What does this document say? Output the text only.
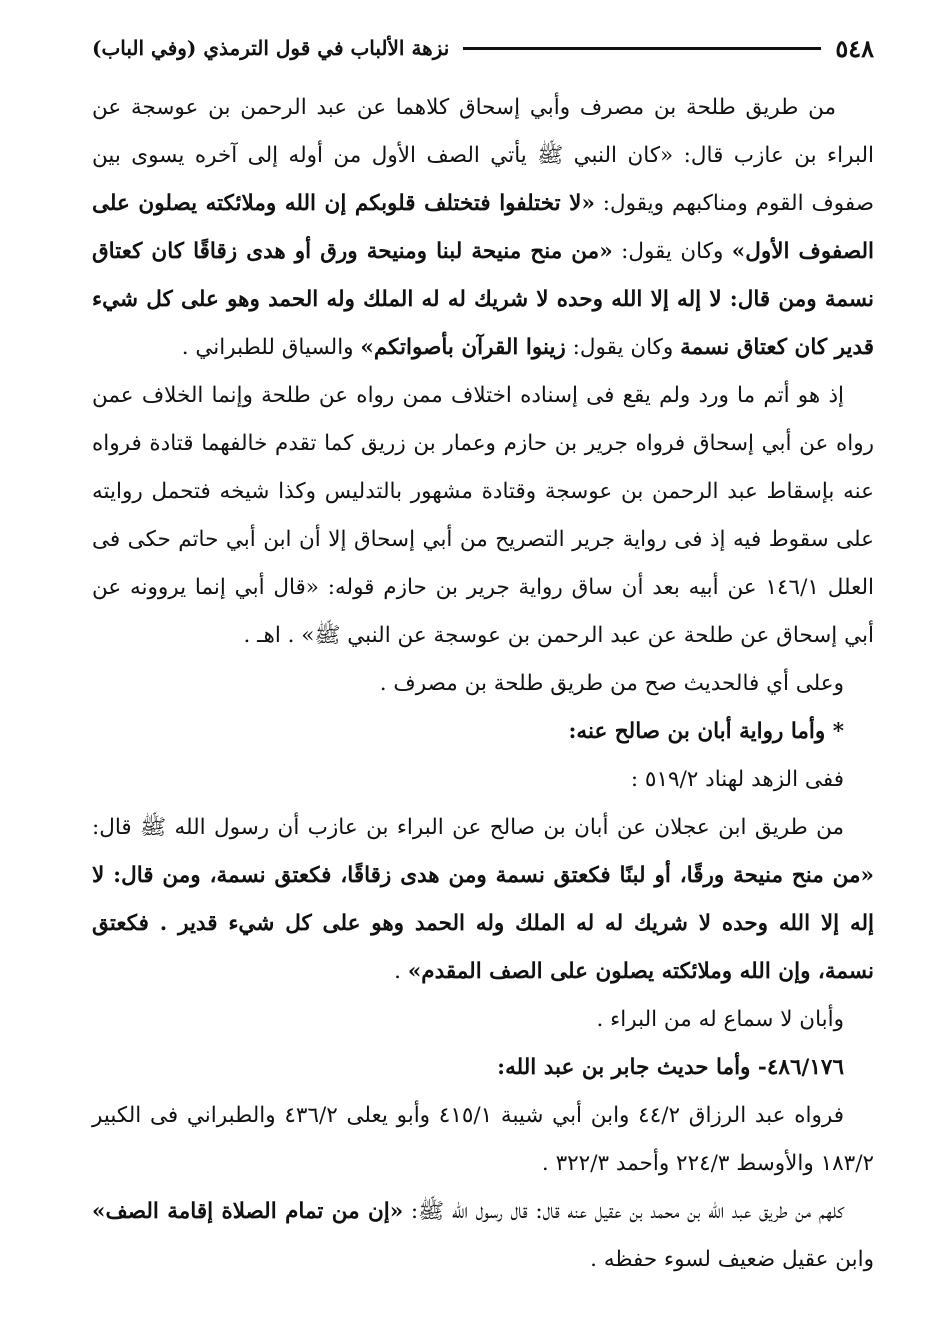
نزهة الألباب في قول الترمذي (وفي الباب)	٥٤٨

من طريق طلحة بن مصرف وأبي إسحاق كلاهما عن عبد الرحمن بن عوسجة عن البراء بن عازب قال: «كان النبي ﷺ يأتي الصف الأول من أوله إلى آخره يسوى بين صفوف القوم ومناكبهم ويقول: «لا تختلفوا فتختلف قلوبكم إن الله وملائكته يصلون على الصفوف الأول» وكان يقول: «من منح منيحة لبنا ومنيحة ورق أو هدى زقاقًا كان كعتاق نسمة ومن قال: لا إله إلا الله وحده لا شريك له له الملك وله الحمد وهو على كل شيء قدير كان كعتاق نسمة وكان يقول: زينوا القرآن بأصواتكم» والسياق للطبراني .

إذ هو أتم ما ورد ولم يقع فى إسناده اختلاف ممن رواه عن طلحة وإنما الخلاف عمن رواه عن أبي إسحاق فرواه جرير بن حازم وعمار بن زريق كما تقدم خالفهما قتادة فرواه عنه بإسقاط عبد الرحمن بن عوسجة وقتادة مشهور بالتدليس وكذا شيخه فتحمل روايته على سقوط فيه إذ فى رواية جرير التصريح من أبي إسحاق إلا أن ابن أبي حاتم حكى فى العلل ١٤٦/١ عن أبيه بعد أن ساق رواية جرير بن حازم قوله: «قال أبي إنما يروونه عن أبي إسحاق عن طلحة عن عبد الرحمن بن عوسجة عن النبي ﷺ» . اهـ .

وعلى أي فالحديث صح من طريق طلحة بن مصرف .

* وأما رواية أبان بن صالح عنه:

ففى الزهد لهناد ٥١٩/٢ :

من طريق ابن عجلان عن أبان بن صالح عن البراء بن عازب أن رسول الله ﷺ قال: «من منح منيحة ورقًا، أو لبنًا فكعتق نسمة ومن هدى زقاقًا، فكعتق نسمة، ومن قال: لا إله إلا الله وحده لا شريك له له الملك وله الحمد وهو على كل شيء قدير . فكعتق نسمة، وإن الله وملائكته يصلون على الصف المقدم» .

وأبان لا سماع له من البراء .

٤٨٦/١٧٦- وأما حديث جابر بن عبد الله:

فرواه عبد الرزاق ٤٤/٢ وابن أبي شيبة ٤١٥/١ وأبو يعلى ٤٣٦/٢ والطبراني فى الكبير ١٨٣/٢ والأوسط ٢٢٤/٣ وأحمد ٣٢٢/٣ .

كلهم من طريق عبد الله بن محمد بن عقيل عنه قال: قال رسول الله ﷺ: «إن من تمام الصلاة إقامة الصف» وابن عقيل ضعيف لسوء حفظه .
